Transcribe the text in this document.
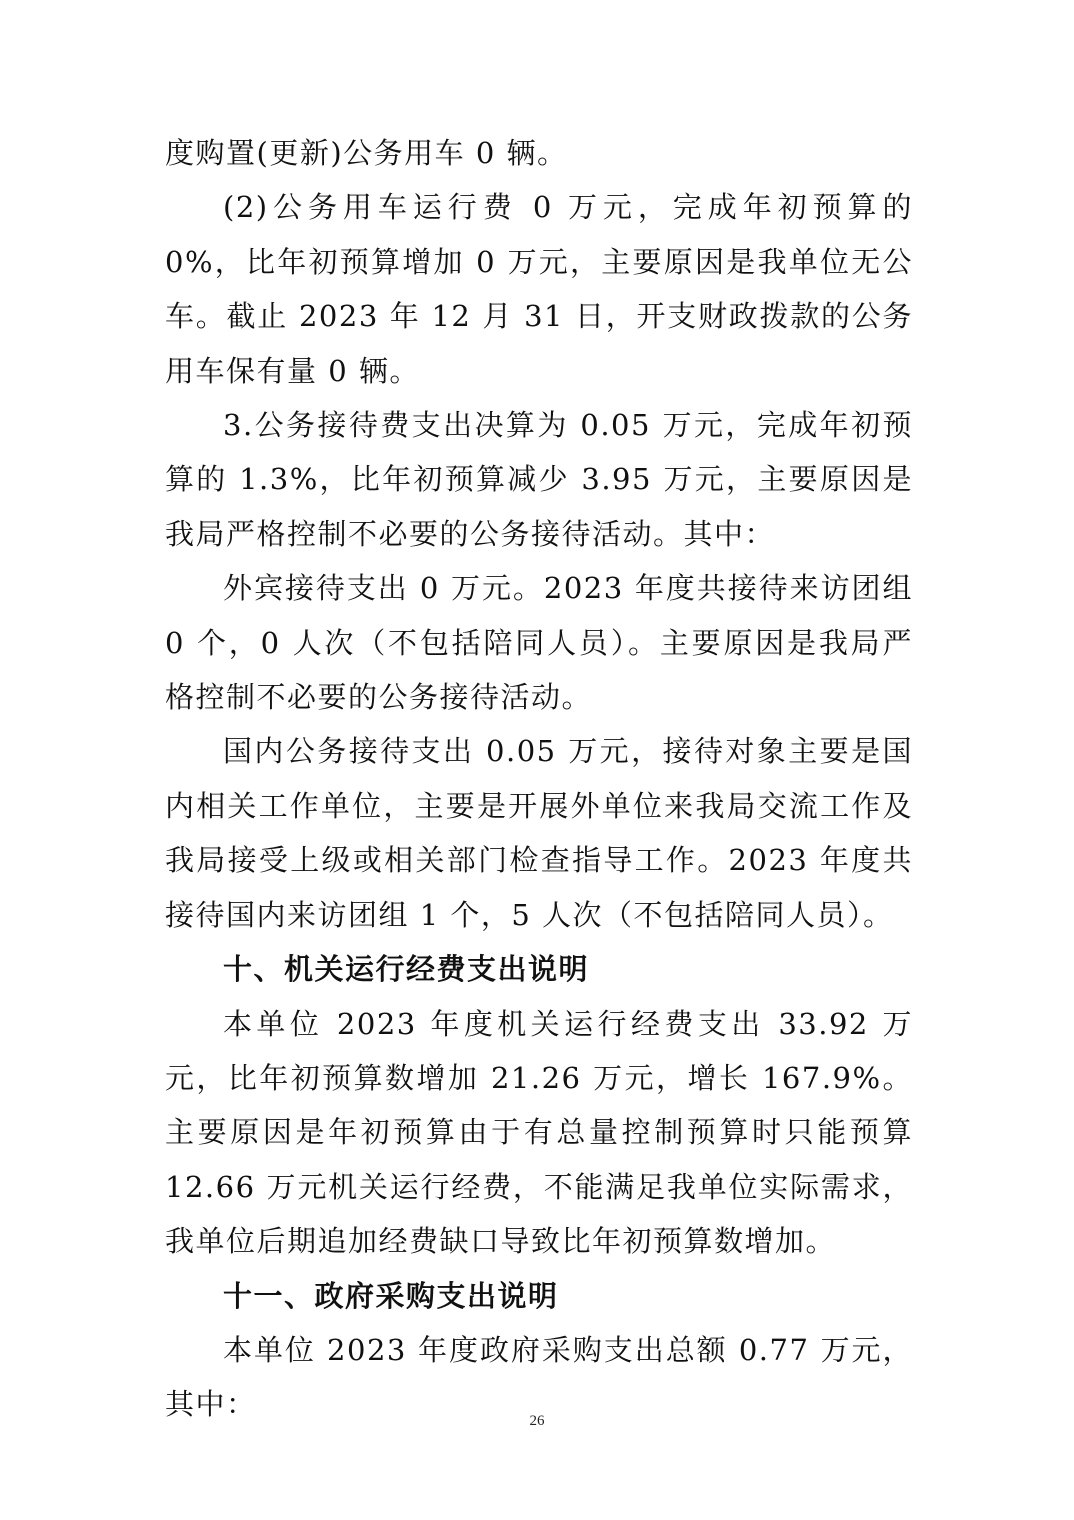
度购置(更新)公务用车 0 辆。

(2)公务用车运行费 0 万元，完成年初预算的 0%，比年初预算增加 0 万元，主要原因是我单位无公车。截止 2023 年 12 月 31 日，开支财政拨款的公务用车保有量 0 辆。

3.公务接待费支出决算为 0.05 万元，完成年初预算的 1.3%，比年初预算减少 3.95 万元，主要原因是我局严格控制不必要的公务接待活动。其中：

外宾接待支出 0 万元。2023 年度共接待来访团组 0 个，0 人次（不包括陪同人员）。主要原因是我局严格控制不必要的公务接待活动。

国内公务接待支出 0.05 万元，接待对象主要是国内相关工作单位，主要是开展外单位来我局交流工作及我局接受上级或相关部门检查指导工作。2023 年度共接待国内来访团组 1 个，5 人次（不包括陪同人员）。

十、机关运行经费支出说明

本单位 2023 年度机关运行经费支出 33.92 万元，比年初预算数增加 21.26 万元，增长 167.9%。主要原因是年初预算由于有总量控制预算时只能预算 12.66 万元机关运行经费，不能满足我单位实际需求，我单位后期追加经费缺口导致比年初预算数增加。

十一、政府采购支出说明

本单位 2023 年度政府采购支出总额 0.77 万元，其中：	26
